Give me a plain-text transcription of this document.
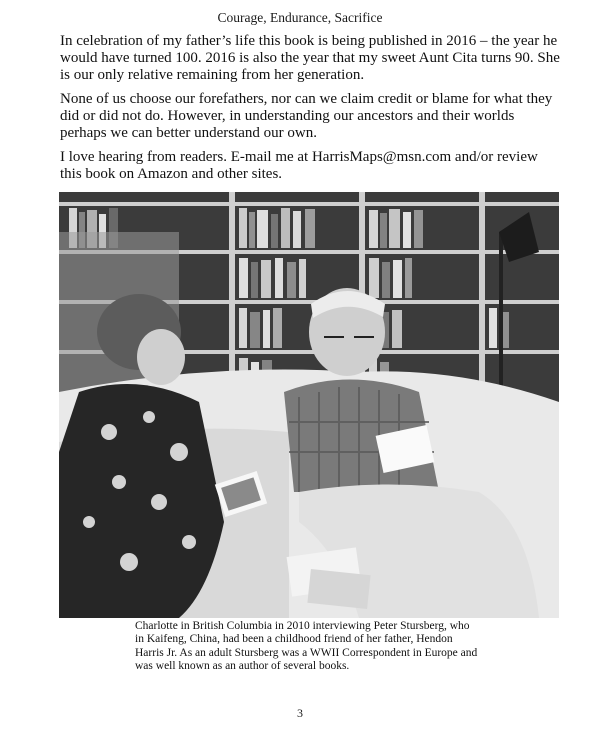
Courage, Endurance, Sacrifice

In celebration of my father’s life this book is being published in 2016 – the year he would have turned 100. 2016 is also the year that my sweet Aunt Cita turns 90. She is our only relative remaining from her generation.

None of us choose our forefathers, nor can we claim credit or blame for what they did or did not do. However, in understanding our ancestors and their worlds perhaps we can better understand our own.

I love hearing from readers. E-mail me at HarrisMaps@msn.com and/or review this book on Amazon and other sites.

Charlotte in British Columbia in 2010 interviewing Peter Stursberg, who in Kaifeng, China, had been a childhood friend of her father, Hendon Harris Jr. As an adult Stursberg was a WWII Correspondent in Europe and was well known as an author of several books.
3
